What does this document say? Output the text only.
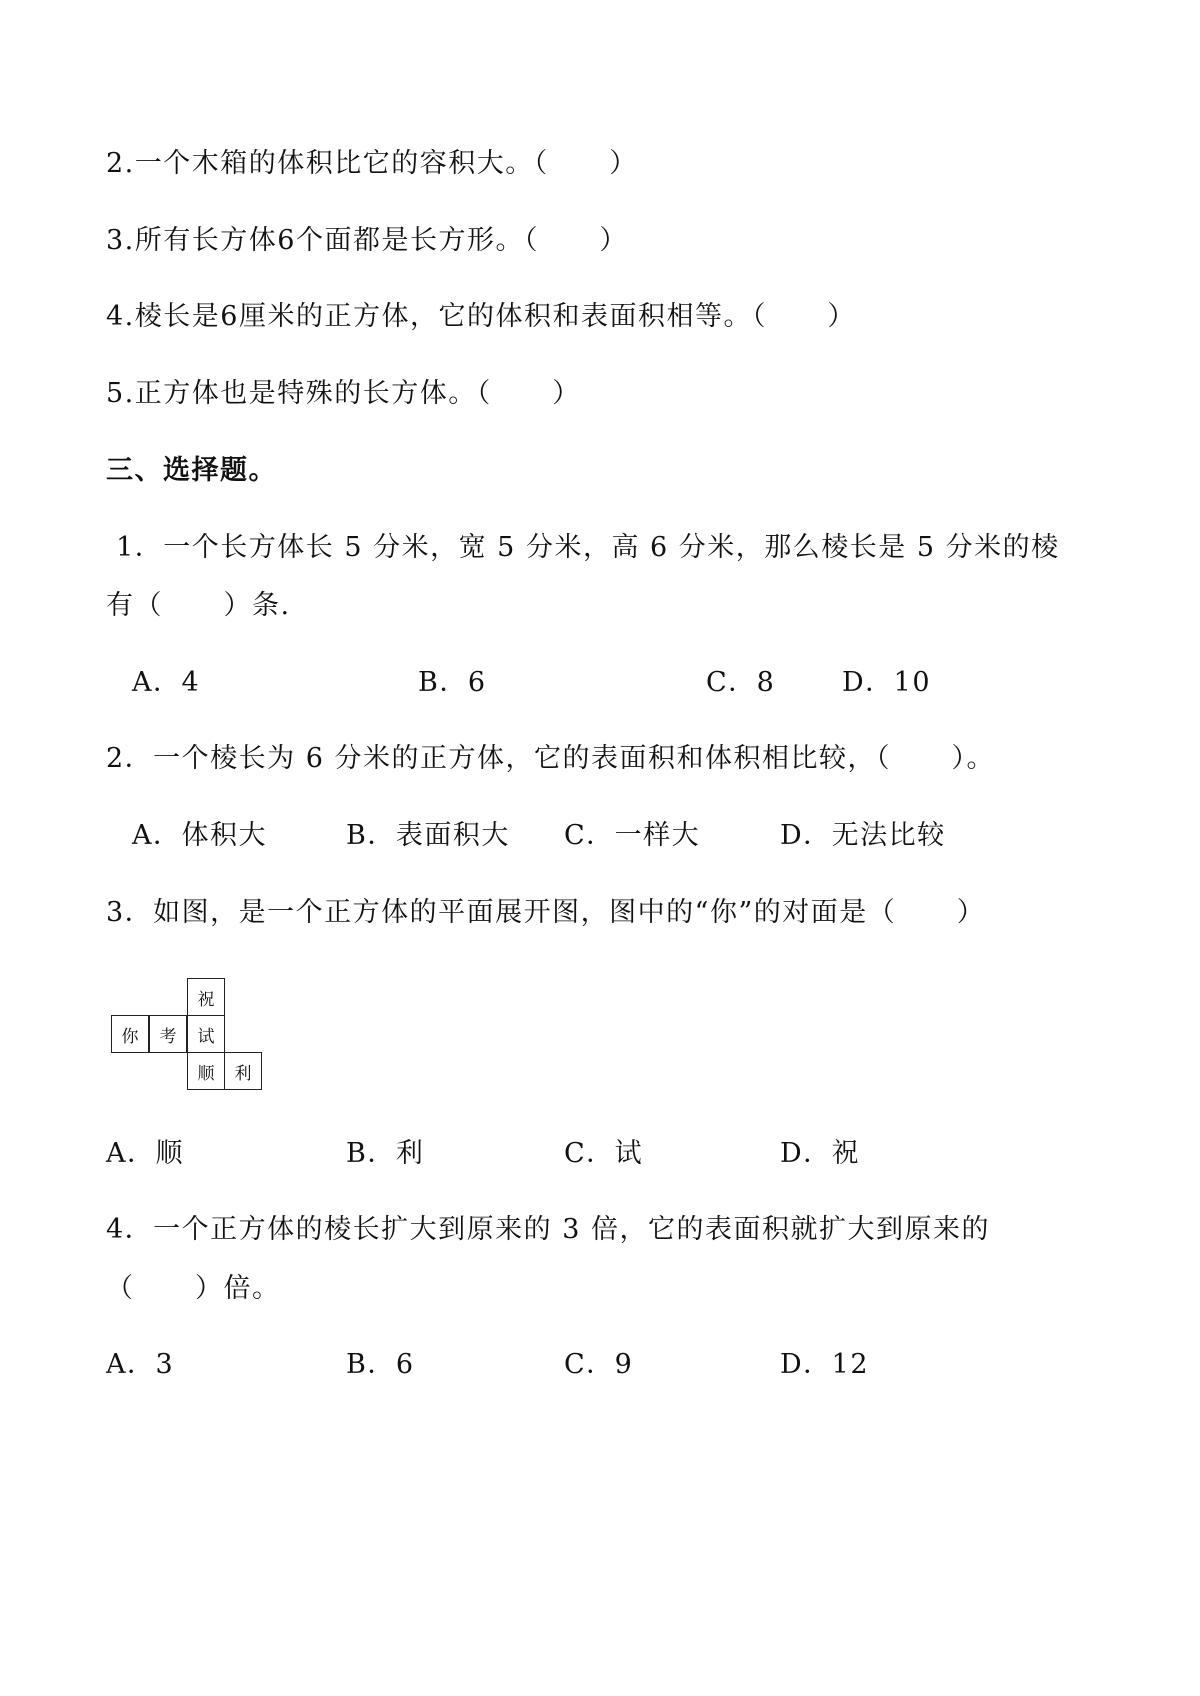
2.一个木箱的体积比它的容积大。（      ）
3.所有长方体6个面都是长方形。（      ）
4.棱长是6厘米的正方体，它的体积和表面积相等。（      ）
5.正方体也是特殊的长方体。（      ）
三、选择题。
1．一个长方体长 5 分米，宽 5 分米，高 6 分米，那么棱长是 5 分米的棱
有（      ）条.
A．4	B．6	C．8 D．10
2．一个棱长为 6 分米的正方体，它的表面积和体积相比较，（      ）。
A．体积大	B．表面积大 C．一样大	D．无法比较
3．如图，是一个正方体的平面展开图，图中的“你”的对面是（      ）
祝
你	考	试
顺	利
A．顺	B．利	C．试	D．祝
4．一个正方体的棱长扩大到原来的 3 倍，它的表面积就扩大到原来的
（      ）倍。
A．3	B．6	C．9	D．12
